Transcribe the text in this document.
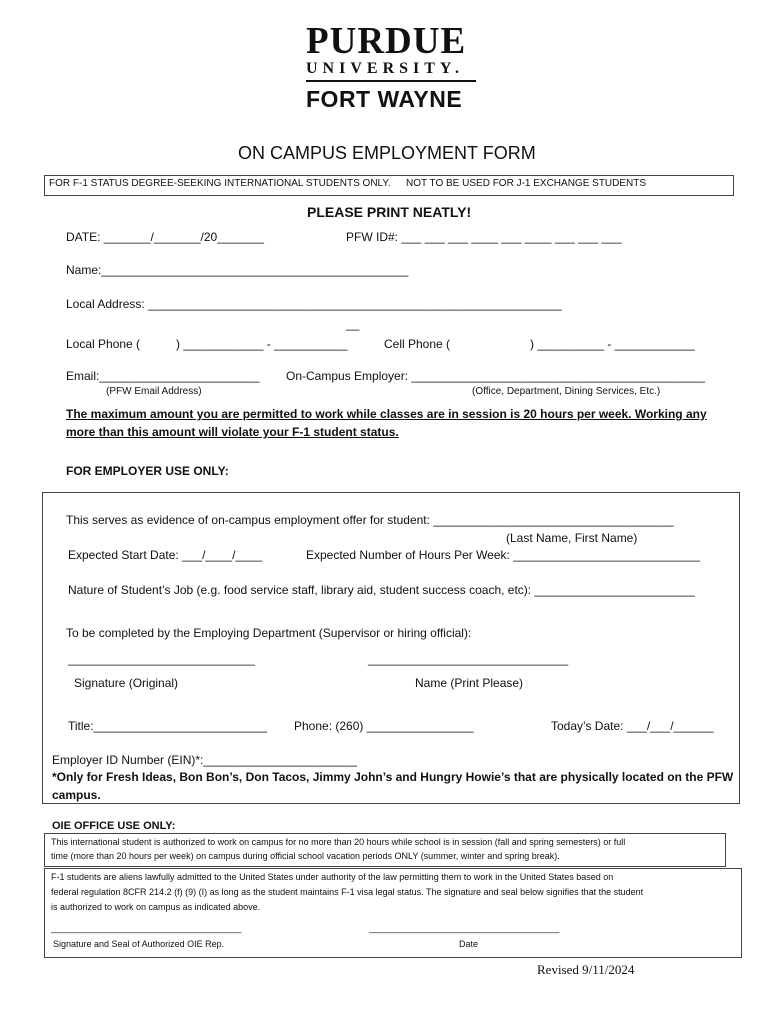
PURDUE
UNIVERSITY.
FORT WAYNE
ON CAMPUS EMPLOYMENT FORM
FOR F-1 STATUS DEGREE-SEEKING INTERNATIONAL STUDENTS ONLY. NOT TO BE USED FOR J-1 EXCHANGE STUDENTS
PLEASE PRINT NEATLY!
DATE: _______/_______/20_______	PFW ID#: ___ ___ ___ ____ ___ ____ ___ ___ ___
Name:______________________________________________
Local Address: ______________________________________________________________
__
Local Phone (	) ____________ - ___________	Cell Phone (	) __________ - ____________
Email:________________________ On-Campus Employer: ____________________________________________
(PFW Email Address)	(Office, Department, Dining Services, Etc.)
The maximum amount you are permitted to work while classes are in session is 20 hours per week. Working any
more than this amount will violate your F-1 student status.
FOR EMPLOYER USE ONLY:
This serves as evidence of on-campus employment offer for student: ____________________________________
(Last Name, First Name)
Expected Start Date: ___/____/____	Expected Number of Hours Per Week: ____________________________
Nature of Student’s Job (e.g. food service staff, library aid, student success coach, etc): ________________________
To be completed by the Employing Department (Supervisor or hiring official):
____________________________	______________________________
Signature (Original)	Name (Print Please)
Title:__________________________ Phone: (260) ________________	Today’s Date: ___/___/______
Employer ID Number (EIN)*:_______________________
*Only for Fresh Ideas, Bon Bon’s, Don Tacos, Jimmy John’s and Hungry Howie’s that are physically located on the PFW
campus.
OIE OFFICE USE ONLY:
This international student is authorized to work on campus for no more than 20 hours while school is in session (fall and spring semesters) or full
time (more than 20 hours per week) on campus during official school vacation periods ONLY (summer, winter and spring break).
F-1 students are aliens lawfully admitted to the United States under authority of the law permitting them to work in the United States based on
federal regulation 8CFR 214.2 (f) (9) (I) as long as the student maintains F-1 visa legal status. The signature and seal below signifies that the student
is authorized to work on campus as indicated above.
______________________________________	______________________________________
Signature and Seal of Authorized OIE Rep.	Date
Revised 9/11/2024
